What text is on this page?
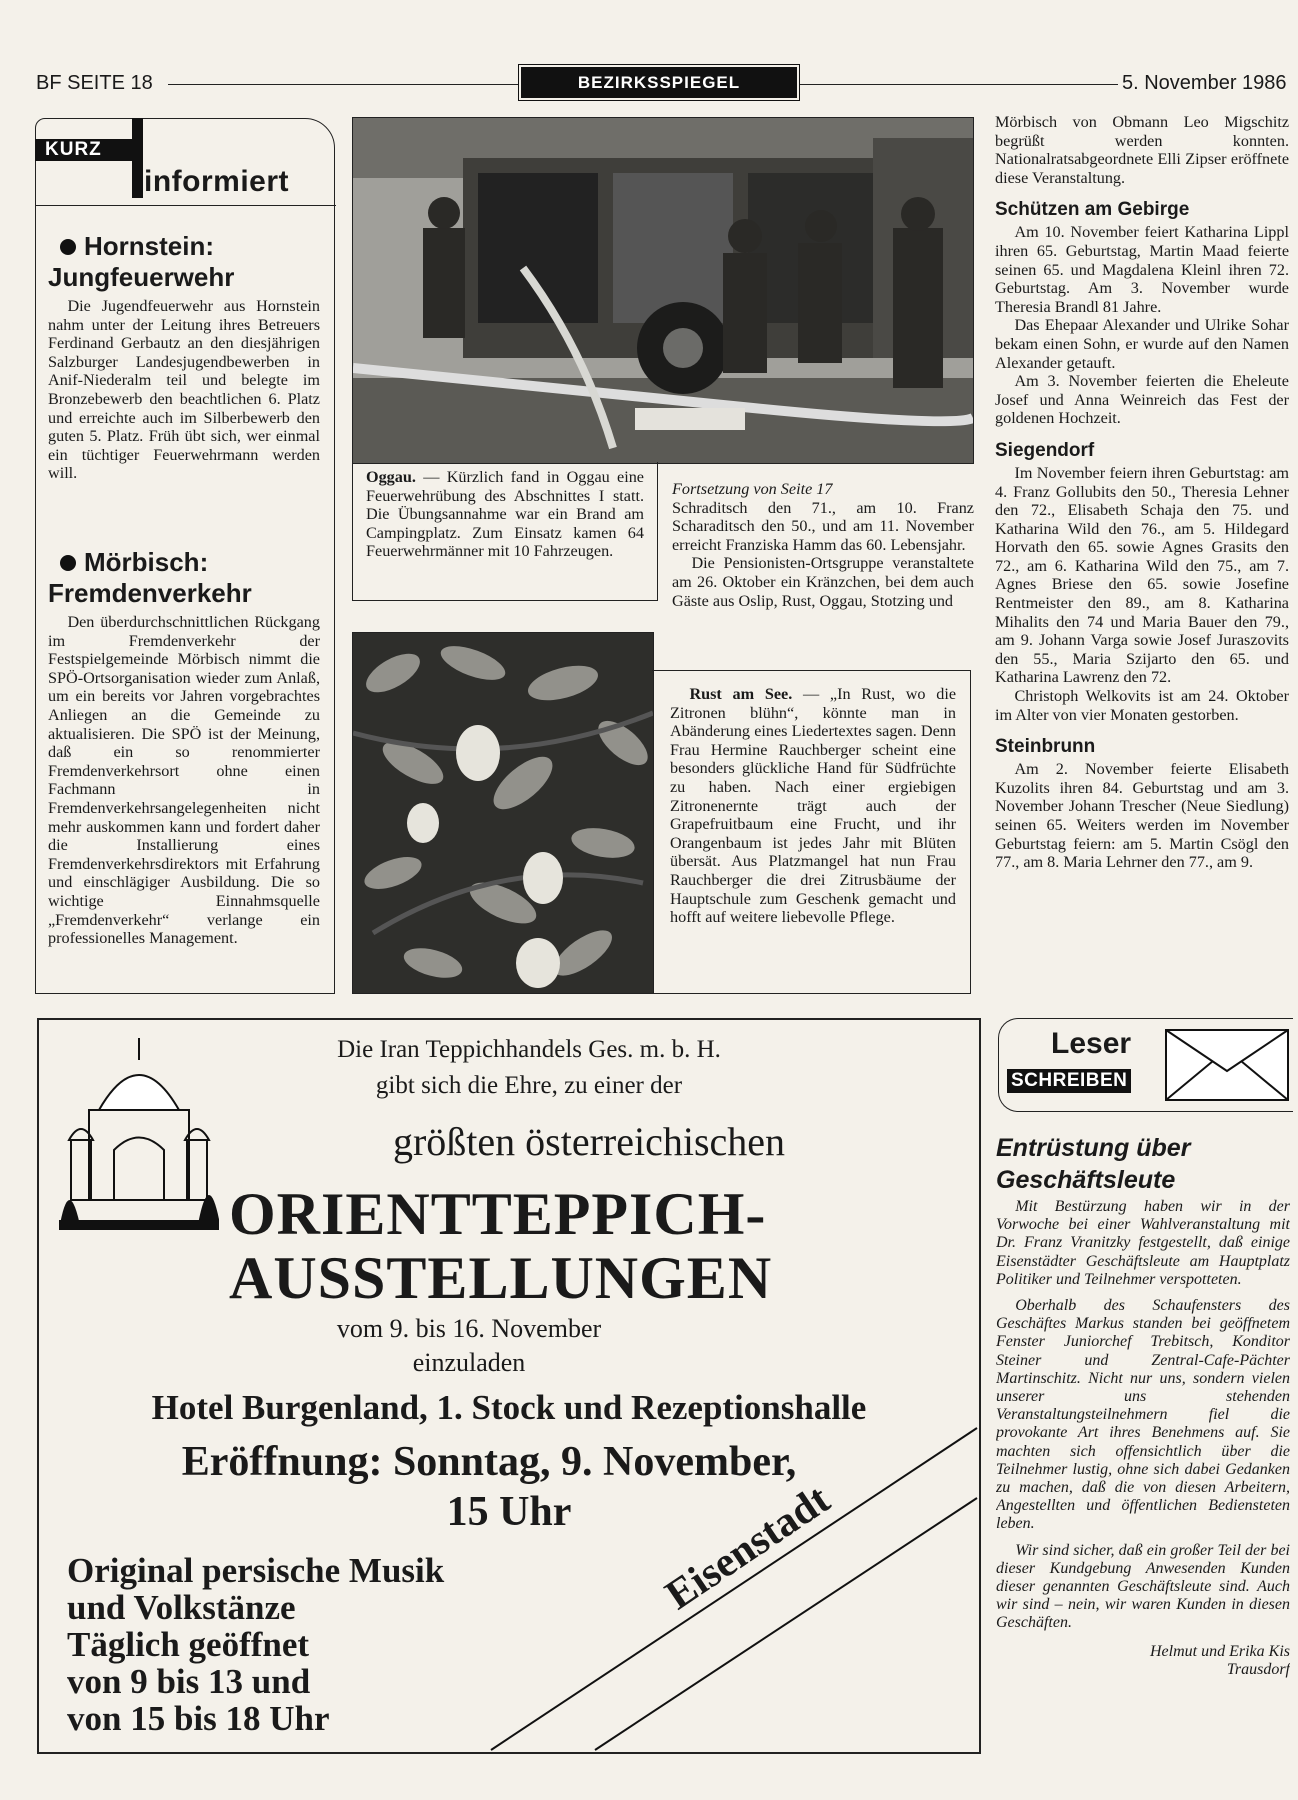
BF SEITE 18	BEZIRKSSPIEGEL	5. November 1986
KURZ
informiert
Hornstein:
Jungfeuerwehr

Die Jugendfeuerwehr aus Hornstein nahm unter der Leitung ihres Betreuers Ferdinand Gerbautz an den diesjährigen Salzburger Landesjugendbewerben in Anif-Niederalm teil und belegte im Bronzebewerb den beachtlichen 6. Platz und erreichte auch im Silberbewerb den guten 5. Platz. Früh übt sich, wer einmal ein tüchtiger Feuerwehrmann werden will.

Mörbisch:
Fremdenverkehr

Den überdurchschnittlichen Rückgang im Fremdenverkehr der Festspielgemeinde Mörbisch nimmt die SPÖ-Ortsorganisation wieder zum Anlaß, um ein bereits vor Jahren vorgebrachtes Anliegen an die Gemeinde zu aktualisieren. Die SPÖ ist der Meinung, daß ein so renommierter Fremdenverkehrsort ohne einen Fachmann in Fremdenverkehrsangelegenheiten nicht mehr auskommen kann und fordert daher die Installierung eines Fremdenverkehrsdirektors mit Erfahrung und einschlägiger Ausbildung. Die so wichtige Einnahmsquelle „Fremdenverkehr“ verlange ein professionelles Management.

Oggau. — Kürzlich fand in Oggau eine Feuerwehrübung des Abschnittes I statt. Die Übungsannahme war ein Brand am Campingplatz. Zum Einsatz kamen 64 Feuerwehrmänner mit 10 Fahrzeugen.

Fortsetzung von Seite 17

Schraditsch den 71., am 10. Franz Scharaditsch den 50., und am 11. November erreicht Franziska Hamm das 60. Lebensjahr.

Die Pensionisten-Ortsgruppe veranstaltete am 26. Oktober ein Kränzchen, bei dem auch Gäste aus Oslip, Rust, Oggau, Stotzing und

Rust am See. — „In Rust, wo die Zitronen blühn“, könnte man in Abänderung eines Liedertextes sagen. Denn Frau Hermine Rauchberger scheint eine besonders glückliche Hand für Südfrüchte zu haben. Nach einer ergiebigen Zitronenernte trägt auch der Grapefruitbaum eine Frucht, und ihr Orangenbaum ist jedes Jahr mit Blüten übersät. Aus Platzmangel hat nun Frau Rauchberger die drei Zitrusbäume der Hauptschule zum Geschenk gemacht und hofft auf weitere liebevolle Pflege.

Mörbisch von Obmann Leo Migschitz begrüßt werden konnten. Nationalratsabgeordnete Elli Zipser eröffnete diese Veranstaltung.

Schützen am Gebirge

Am 10. November feiert Katharina Lippl ihren 65. Geburtstag, Martin Maad feierte seinen 65. und Magdalena Kleinl ihren 72. Geburtstag. Am 3. November wurde Theresia Brandl 81 Jahre.

Das Ehepaar Alexander und Ulrike Sohar bekam einen Sohn, er wurde auf den Namen Alexander getauft.

Am 3. November feierten die Eheleute Josef und Anna Weinreich das Fest der goldenen Hochzeit.

Siegendorf

Im November feiern ihren Geburtstag: am 4. Franz Gollubits den 50., Theresia Lehner den 72., Elisabeth Schaja den 75. und Katharina Wild den 76., am 5. Hildegard Horvath den 65. sowie Agnes Grasits den 72., am 6. Katharina Wild den 75., am 7. Agnes Briese den 65. sowie Josefine Rentmeister den 89., am 8. Katharina Mihalits den 74 und Maria Bauer den 79., am 9. Johann Varga sowie Josef Juraszovits den 55., Maria Szijarto den 65. und Katharina Lawrenz den 72.

Christoph Welkovits ist am 24. Oktober im Alter von vier Monaten gestorben.

Steinbrunn

Am 2. November feierte Elisabeth Kuzolits ihren 84. Geburtstag und am 3. November Johann Trescher (Neue Siedlung) seinen 65. Weiters werden im November Geburtstag feiern: am 5. Martin Csögl den 77., am 8. Maria Lehrner den 77., am 9.

Leser
SCHREIBEN
Entrüstung über Geschäftsleute

Mit Bestürzung haben wir in der Vorwoche bei einer Wahlveranstaltung mit Dr. Franz Vranitzky festgestellt, daß einige Eisenstädter Geschäftsleute am Hauptplatz Politiker und Teilnehmer verspotteten.

Oberhalb des Schaufensters des Geschäftes Markus standen bei geöffnetem Fenster Juniorchef Trebitsch, Konditor Steiner und Zentral-Cafe-Pächter Martinschitz. Nicht nur uns, sondern vielen unserer uns stehenden Veranstaltungsteilnehmern fiel die provokante Art ihres Benehmens auf. Sie machten sich offensichtlich über die Teilnehmer lustig, ohne sich dabei Gedanken zu machen, daß die von diesen Arbeitern, Angestellten und öffentlichen Bediensteten leben.

Wir sind sicher, daß ein großer Teil der bei dieser Kundgebung Anwesenden Kunden dieser genannten Geschäftsleute sind. Auch wir sind – nein, wir waren Kunden in diesen Geschäften.

Helmut und Erika Kis

Trausdorf

Die Iran Teppichhandels Ges. m. b. H.
gibt sich die Ehre, zu einer der
größten österreichischen
ORIENTTEPPICH-
AUSSTELLUNGEN
vom 9. bis 16. November
einzuladen
Hotel Burgenland, 1. Stock und Rezeptionshalle
Eröffnung: Sonntag, 9. November,
15 Uhr
Original persische Musik
und Volkstänze
Täglich geöffnet
von 9 bis 13 und
von 15 bis 18 Uhr
Eisenstadt
